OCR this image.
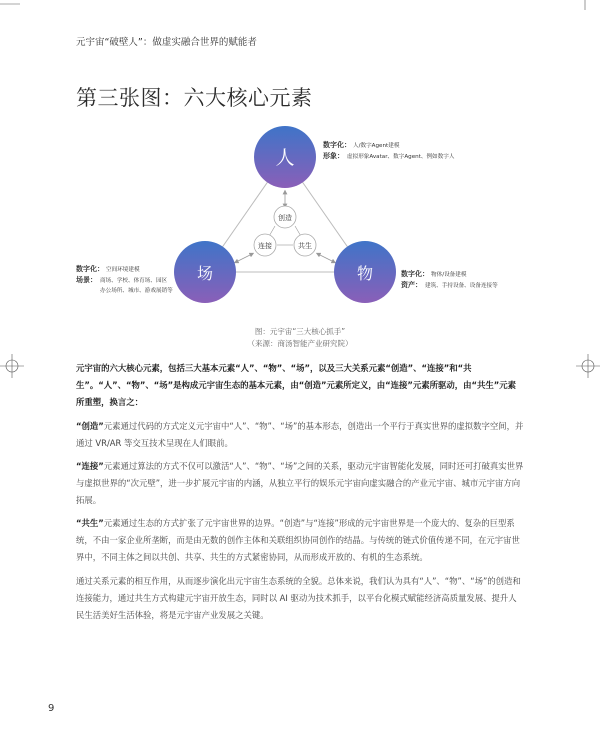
元宇宙“破壁人”：做虚实融合世界的赋能者
第三张图：六大核心元素
人
场	物
创造
连接	共生
数字化： 人/数字Agent建模
形象： 虚拟形象Avatar、数字Agent、例如数字人
数字化： 空间环境建模
场景： 商场、学校、体育场、园区
办公场所、城市、游戏展销等
数字化： 物体/设备建模
资产： 建筑、手持设备、设备连接等
图：元宇宙“三大核心抓手”
（来源：商汤智能产业研究院）

元宇宙的六大核心元素，包括三大基本元素“人”、“物”、“场”，以及三大关系元素“创造”、“连接”和“共生”。“人”、“物”、“场”是构成元宇宙生态的基本元素，由“创造”元素所定义，由“连接”元素所驱动，由“共生”元素所重塑，换言之：

“创造”元素通过代码的方式定义元宇宙中“人”、“物”、“场”的基本形态，创造出一个平行于真实世界的虚拟数字空间，并通过 VR/AR 等交互技术呈现在人们眼前。

“连接”元素通过算法的方式不仅可以激活“人”、“物”、“场”之间的关系，驱动元宇宙智能化发展，同时还可打破真实世界与虚拟世界的“次元壁”，进一步扩展元宇宙的内涵，从独立平行的娱乐元宇宙向虚实融合的产业元宇宙、城市元宇宙方向拓展。

“共生”元素通过生态的方式扩张了元宇宙世界的边界。“创造”与“连接”形成的元宇宙世界是一个庞大的、复杂的巨型系统，不由一家企业所垄断，而是由无数的创作主体和关联组织协同创作的结晶。与传统的链式价值传递不同，在元宇宙世界中，不同主体之间以共创、共享、共生的方式紧密协同，从而形成开放的、有机的生态系统。

通过关系元素的相互作用，从而逐步演化出元宇宙生态系统的全貌。总体来说，我们认为具有“人”、“物”、“场”的创造和连接能力，通过共生方式构建元宇宙开放生态，同时以 AI 驱动为技术抓手，以平台化模式赋能经济高质量发展、提升人民生活美好生活体验，将是元宇宙产业发展之关键。

9
